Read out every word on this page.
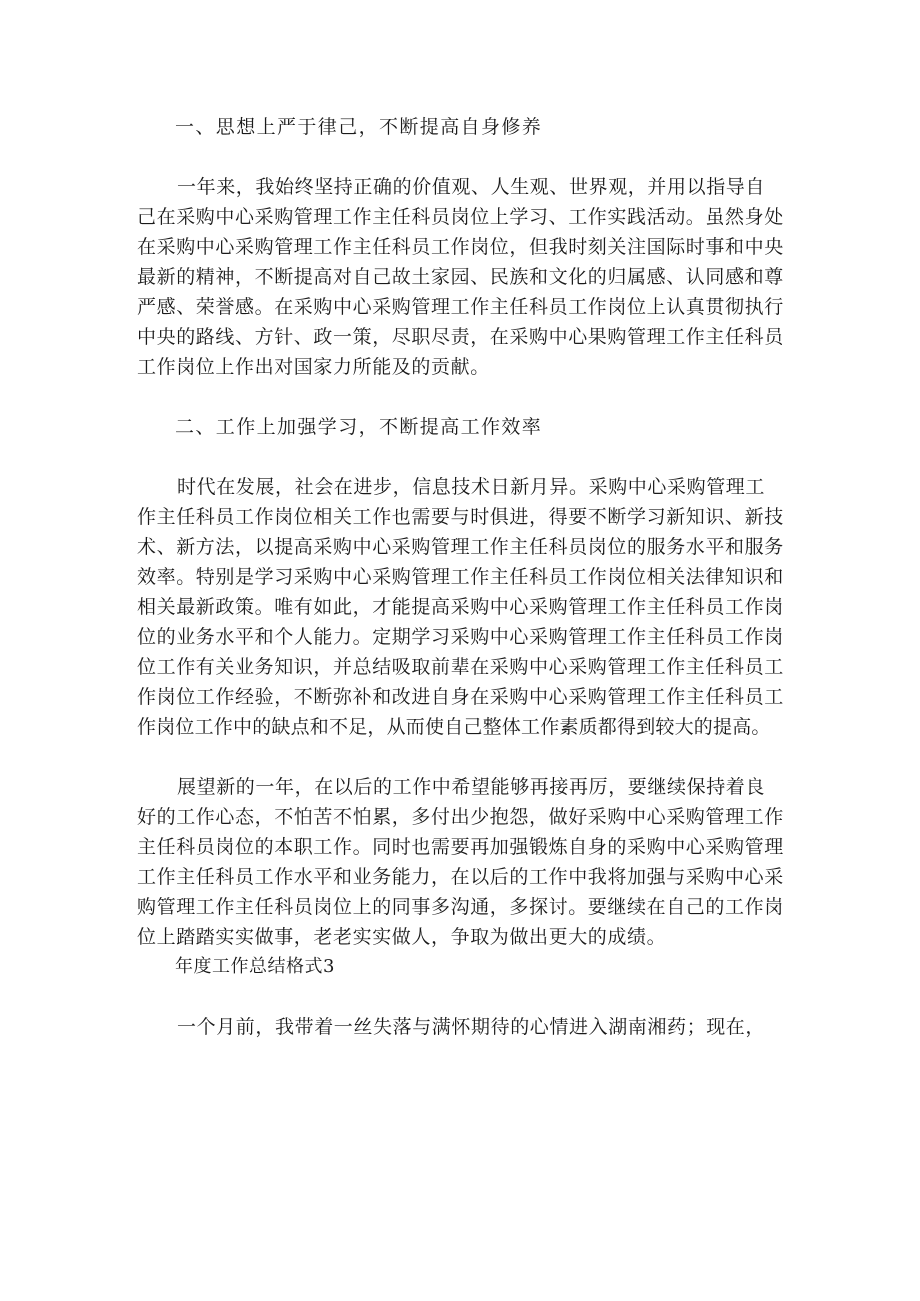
一、思想上严于律己，不断提高自身修养
一年来，我始终坚持正确的价值观、人生观、世界观，并用以指导自
己在采购中心采购管理工作主任科员岗位上学习、工作实践活动。虽然身处
在采购中心采购管理工作主任科员工作岗位，但我时刻关注国际时事和中央
最新的精神，不断提高对自己故土家园、民族和文化的归属感、认同感和尊
严感、荣誉感。在采购中心采购管理工作主任科员工作岗位上认真贯彻执行
中央的路线、方针、政一策，尽职尽责，在采购中心果购管理工作主任科员
工作岗位上作出对国家力所能及的贡献。
二、工作上加强学习，不断提高工作效率
时代在发展，社会在进步，信息技术日新月异。采购中心采购管理工
作主任科员工作岗位相关工作也需要与时俱进，得要不断学习新知识、新技
术、新方法，以提高采购中心采购管理工作主任科员岗位的服务水平和服务
效率。特别是学习采购中心采购管理工作主任科员工作岗位相关法律知识和
相关最新政策。唯有如此，才能提高采购中心采购管理工作主任科员工作岗
位的业务水平和个人能力。定期学习采购中心采购管理工作主任科员工作岗
位工作有关业务知识，并总结吸取前辈在采购中心采购管理工作主任科员工
作岗位工作经验，不断弥补和改进自身在采购中心采购管理工作主任科员工
作岗位工作中的缺点和不足，从而使自己整体工作素质都得到较大的提高。
展望新的一年，在以后的工作中希望能够再接再厉，要继续保持着良
好的工作心态，不怕苦不怕累，多付出少抱怨，做好采购中心采购管理工作
主任科员岗位的本职工作。同时也需要再加强锻炼自身的采购中心采购管理
工作主任科员工作水平和业务能力，在以后的工作中我将加强与采购中心采
购管理工作主任科员岗位上的同事多沟通，多探讨。要继续在自己的工作岗
位上踏踏实实做事，老老实实做人，争取为做出更大的成绩。
年度工作总结格式3
一个月前，我带着一丝失落与满怀期待的心情进入湖南湘药；现在，
